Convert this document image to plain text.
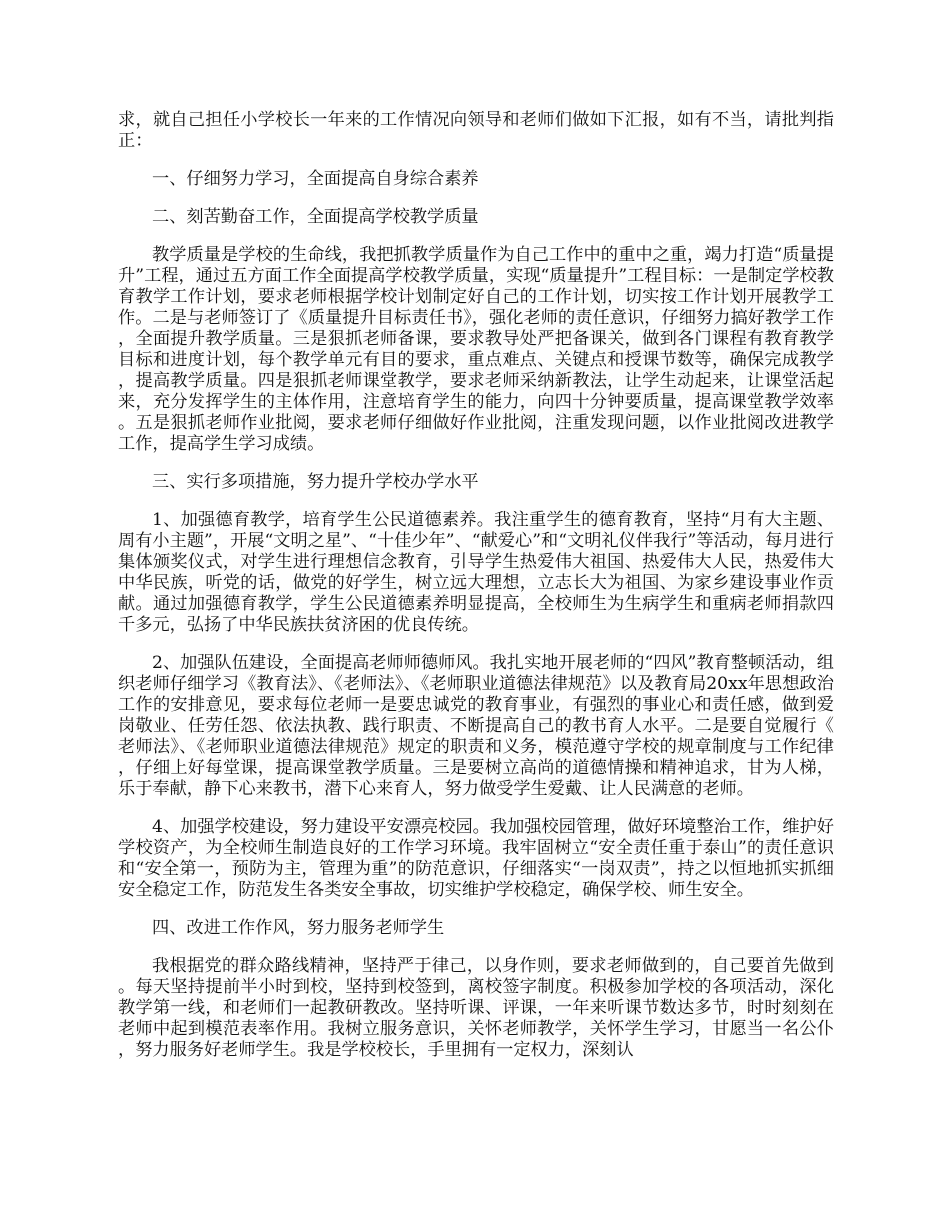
求，就自己担任小学校长一年来的工作情况向领导和老师们做如下汇报，如有不当，请批判指正：

一、仔细努力学习，全面提高自身综合素养

二、刻苦勤奋工作，全面提高学校教学质量

教学质量是学校的生命线，我把抓教学质量作为自己工作中的重中之重，竭力打造“质量提升”工程，通过五方面工作全面提高学校教学质量，实现“质量提升”工程目标：一是制定学校教育教学工作计划，要求老师根据学校计划制定好自己的工作计划，切实按工作计划开展教学工作。二是与老师签订了《质量提升目标责任书》，强化老师的责任意识，仔细努力搞好教学工作，全面提升教学质量。三是狠抓老师备课，要求教导处严把备课关，做到各门课程有教育教学目标和进度计划，每个教学单元有目的要求，重点难点、关键点和授课节数等，确保完成教学，提高教学质量。四是狠抓老师课堂教学，要求老师采纳新教法，让学生动起来，让课堂活起来，充分发挥学生的主体作用，注意培育学生的能力，向四十分钟要质量，提高课堂教学效率。五是狠抓老师作业批阅，要求老师仔细做好作业批阅，注重发现问题，以作业批阅改进教学工作，提高学生学习成绩。

三、实行多项措施，努力提升学校办学水平

1、加强德育教学，培育学生公民道德素养。我注重学生的德育教育，坚持“月有大主题、周有小主题”，开展“文明之星”、“十佳少年”、“献爱心”和“文明礼仪伴我行”等活动，每月进行集体颁奖仪式，对学生进行理想信念教育，引导学生热爱伟大祖国、热爱伟大人民，热爱伟大中华民族，听党的话，做党的好学生，树立远大理想，立志长大为祖国、为家乡建设事业作贡献。通过加强德育教学，学生公民道德素养明显提高，全校师生为生病学生和重病老师捐款四千多元，弘扬了中华民族扶贫济困的优良传统。

2、加强队伍建设，全面提高老师师德师风。我扎实地开展老师的“四风”教育整顿活动，组织老师仔细学习《教育法》、《老师法》、《老师职业道德法律规范》以及教育局20xx年思想政治工作的安排意见，要求每位老师一是要忠诚党的教育事业，有强烈的事业心和责任感，做到爱岗敬业、任劳任怨、依法执教、践行职责、不断提高自己的教书育人水平。二是要自觉履行《老师法》、《老师职业道德法律规范》规定的职责和义务，模范遵守学校的规章制度与工作纪律，仔细上好每堂课，提高课堂教学质量。三是要树立高尚的道德情操和精神追求，甘为人梯，乐于奉献，静下心来教书，潜下心来育人，努力做受学生爱戴、让人民满意的老师。

4、加强学校建设，努力建设平安漂亮校园。我加强校园管理，做好环境整治工作，维护好学校资产，为全校师生制造良好的工作学习环境。我牢固树立“安全责任重于泰山”的责任意识和“安全第一，预防为主，管理为重”的防范意识，仔细落实“一岗双责”，持之以恒地抓实抓细安全稳定工作，防范发生各类安全事故，切实维护学校稳定，确保学校、师生安全。

四、改进工作作风，努力服务老师学生

我根据党的群众路线精神，坚持严于律己，以身作则，要求老师做到的，自己要首先做到。每天坚持提前半小时到校，坚持到校签到，离校签字制度。积极参加学校的各项活动，深化教学第一线，和老师们一起教研教改。坚持听课、评课，一年来听课节数达多节，时时刻刻在老师中起到模范表率作用。我树立服务意识，关怀老师教学，关怀学生学习，甘愿当一名公仆，努力服务好老师学生。我是学校校长，手里拥有一定权力，深刻认
